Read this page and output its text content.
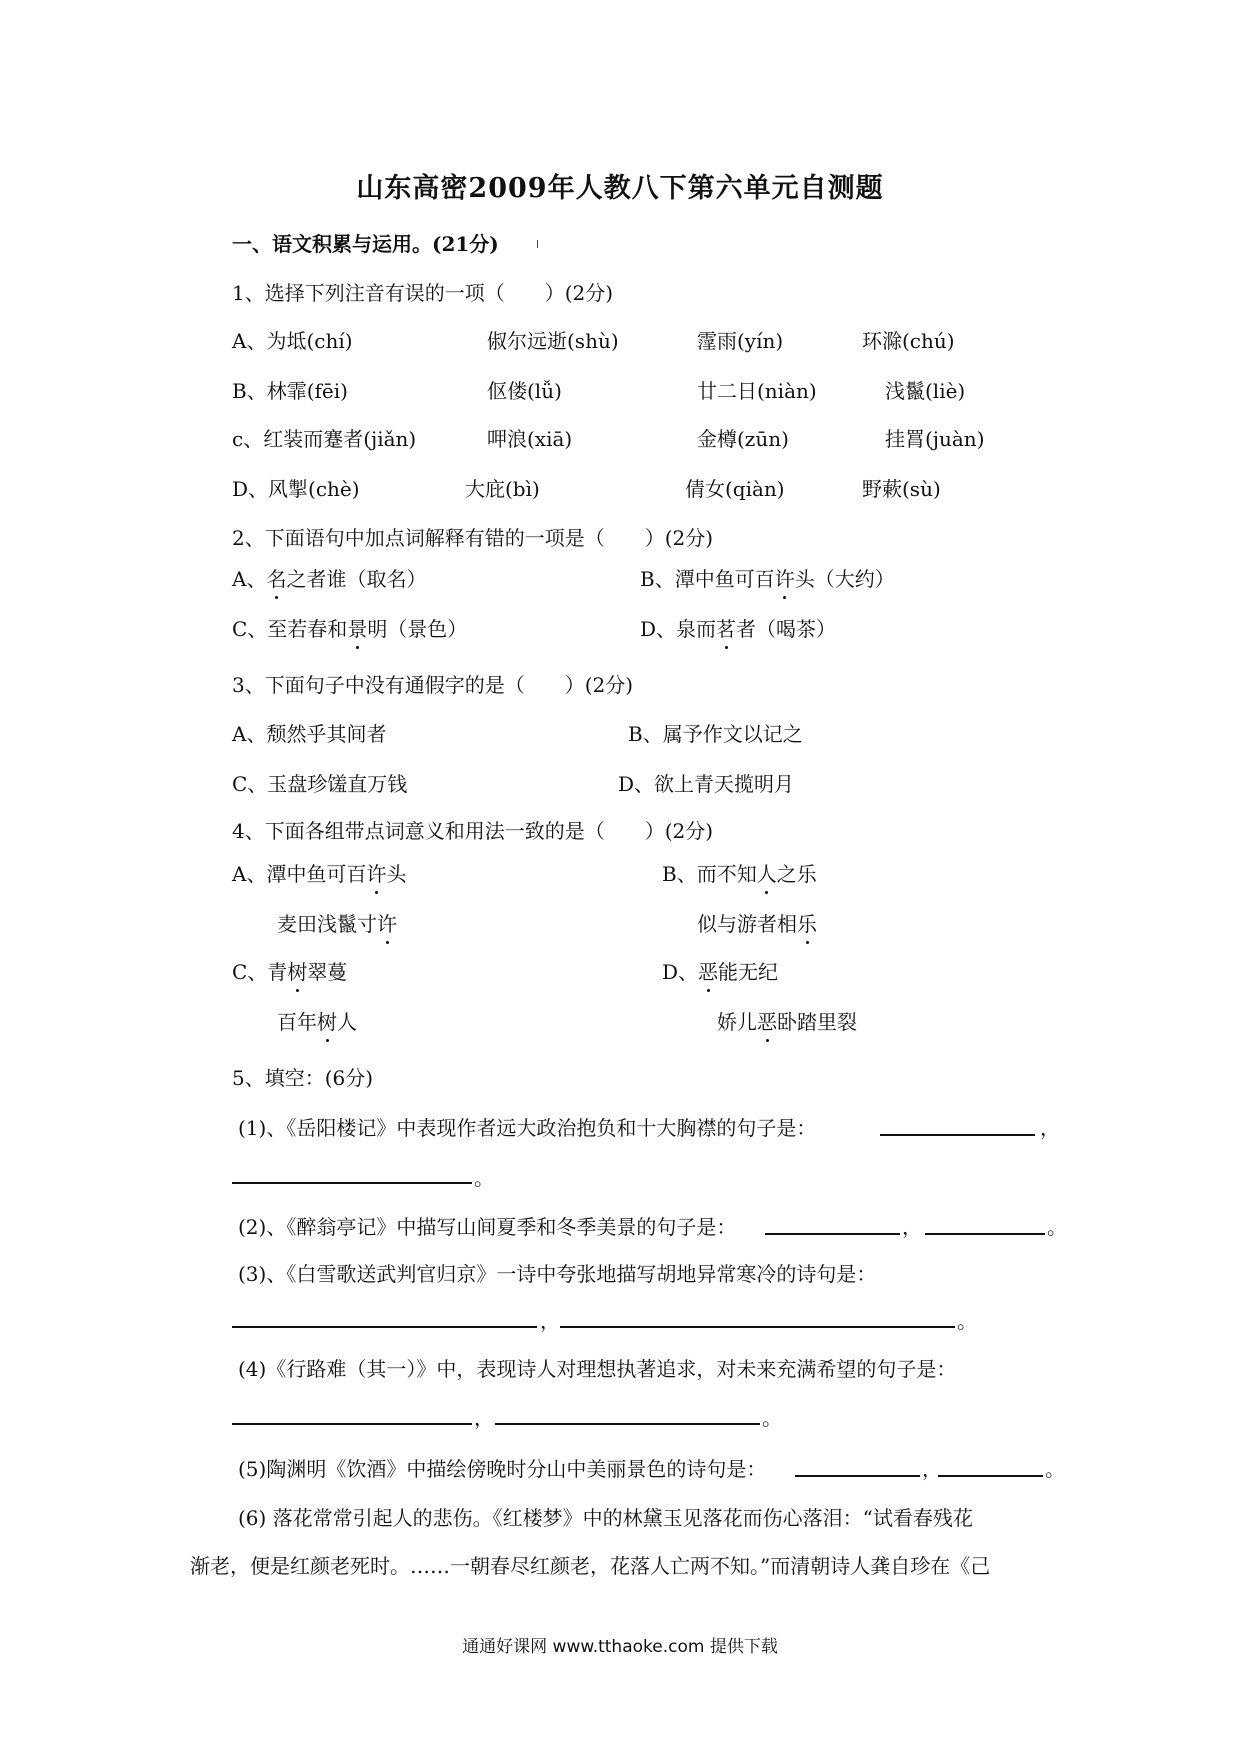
山东高密2009年人教八下第六单元自测题
一、语文积累与运用。(21分)
1、选择下列注音有误的一项（　　）(2分)
A、为坻(chí)	俶尔远逝(shù)	霪雨(yín)	环滁(chú)
B、林霏(fēi)	伛偻(lǚ)	廿二日(niàn)	浅鬣(liè)
c、红装而蹇者(jiǎn)	呷浪(xiā)	金樽(zūn)	挂罥(juàn)
D、风掣(chè)	大庇(bì)	倩女(qiàn)	野蔌(sù)
2、下面语句中加点词解释有错的一项是（　　）(2分)
A、名之者谁（取名）	B、潭中鱼可百许头（大约）
C、至若春和景明（景色）	D、泉而茗者（喝茶）
3、下面句子中没有通假字的是（　　）(2分)
A、颓然乎其间者	B、属予作文以记之
C、玉盘珍馐直万钱	D、欲上青天揽明月
4、下面各组带点词意义和用法一致的是（　　）(2分)
A、潭中鱼可百许头	B、而不知人之乐
麦田浅鬣寸许	似与游者相乐
C、青树翠蔓	D、恶能无纪
百年树人	娇儿恶卧踏里裂
5、填空：(6分)
(1)、《岳阳楼记》中表现作者远大政治抱负和十大胸襟的句子是：	，
。
(2)、《醉翁亭记》中描写山间夏季和冬季美景的句子是：	，	。
(3)、《白雪歌送武判官归京》一诗中夸张地描写胡地异常寒冷的诗句是：
，	。
(4)《行路难（其一）》中，表现诗人对理想执著追求，对未来充满希望的句子是：
，	。
(5)陶渊明《饮酒》中描绘傍晚时分山中美丽景色的诗句是：	，	。
(6) 落花常常引起人的悲伤。《红楼梦》中的林黛玉见落花而伤心落泪：“试看春残花
渐老，便是红颜老死时。……一朝春尽红颜老，花落人亡两不知。”而清朝诗人龚自珍在《己
通通好课网 www.tthaoke.com 提供下载
